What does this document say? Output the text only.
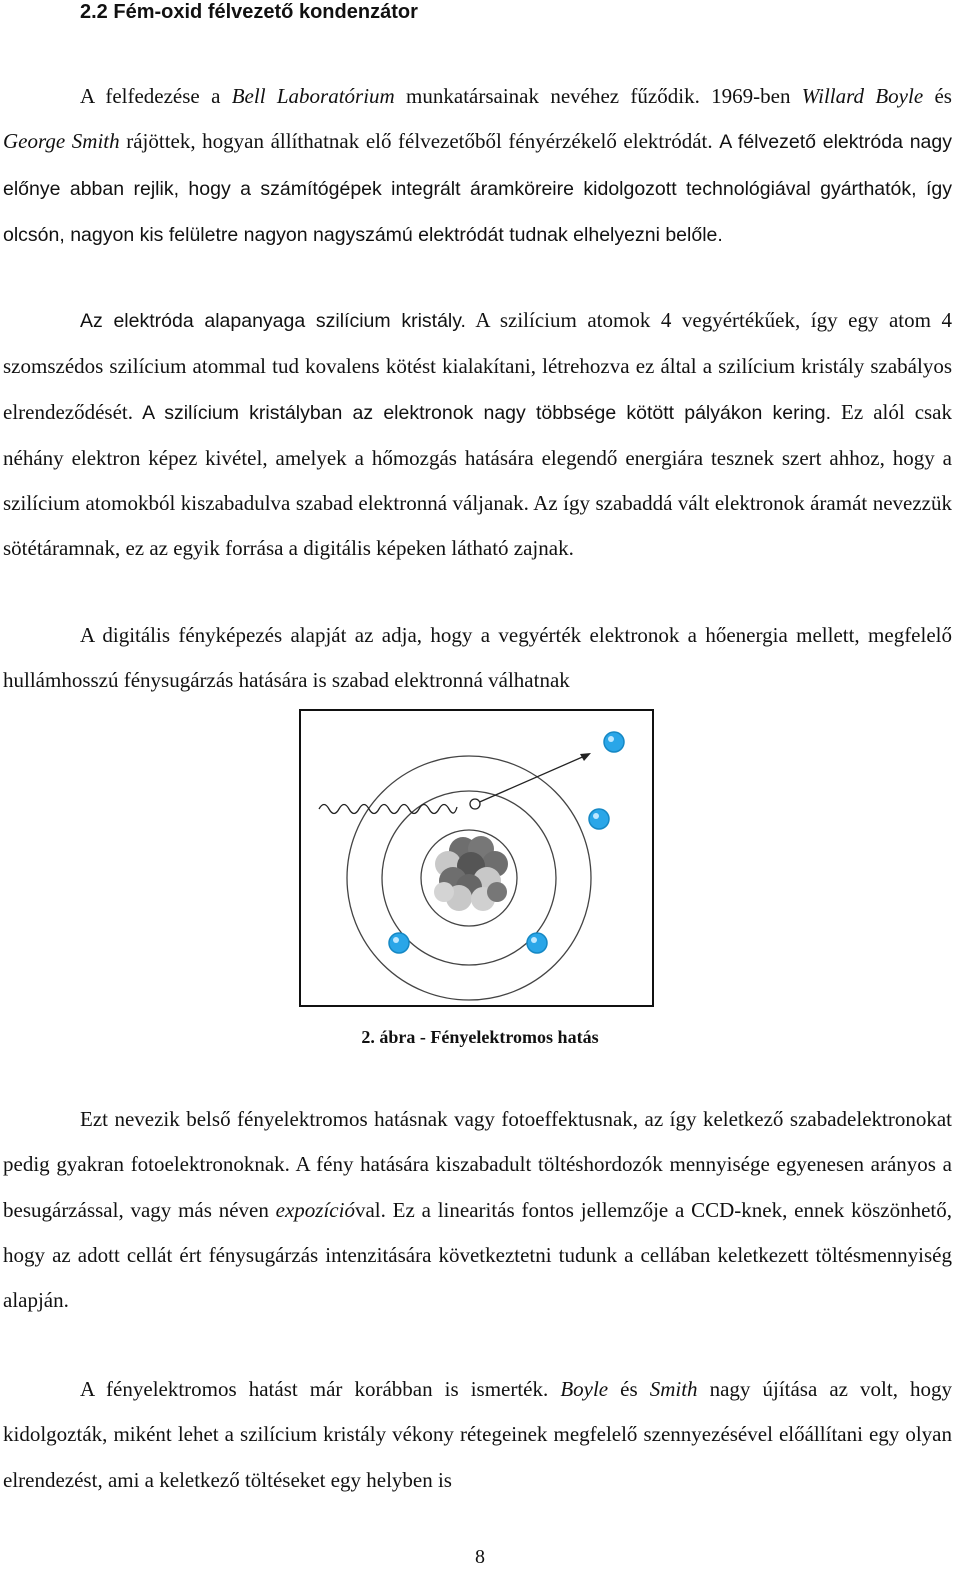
2.2 Fém-oxid félvezető kondenzátor

A felfedezése a Bell Laboratórium munkatársainak nevéhez fűződik. 1969-ben Willard Boyle és George Smith rájöttek, hogyan állíthatnak elő félvezetőből fényérzékelő elektródát. A félvezető elektróda nagy előnye abban rejlik, hogy a számítógépek integrált áramköreire kidolgozott technológiával gyárthatók, így olcsón, nagyon kis felületre nagyon nagyszámú elektródát tudnak elhelyezni belőle.

Az elektróda alapanyaga szilícium kristály. A szilícium atomok 4 vegyértékűek, így egy atom 4 szomszédos szilícium atommal tud kovalens kötést kialakítani, létrehozva ez által a szilícium kristály szabályos elrendeződését. A szilícium kristályban az elektronok nagy többsége kötött pályákon kering. Ez alól csak néhány elektron képez kivétel, amelyek a hőmozgás hatására elegendő energiára tesznek szert ahhoz, hogy a szilícium atomokból kiszabadulva szabad elektronná váljanak. Az így szabaddá vált elektronok áramát nevezzük sötétáramnak, ez az egyik forrása a digitális képeken látható zajnak.

A digitális fényképezés alapját az adja, hogy a vegyérték elektronok a hőenergia mellett, megfelelő hullámhosszú fénysugárzás hatására is szabad elektronná válhatnak

2. ábra - Fényelektromos hatás

Ezt nevezik belső fényelektromos hatásnak vagy fotoeffektusnak, az így keletkező szabadelektronokat pedig gyakran fotoelektronoknak. A fény hatására kiszabadult töltéshordozók mennyisége egyenesen arányos a besugárzással, vagy más néven expozícióval. Ez a linearitás fontos jellemzője a CCD-knek, ennek köszönhető, hogy az adott cellát ért fénysugárzás intenzitására következtetni tudunk a cellában keletkezett töltésmennyiség alapján.

A fényelektromos hatást már korábban is ismerték. Boyle és Smith nagy újítása az volt, hogy kidolgozták, miként lehet a szilícium kristály vékony rétegeinek megfelelő szennyezésével előállítani egy olyan elrendezést, ami a keletkező töltéseket egy helyben is

8
